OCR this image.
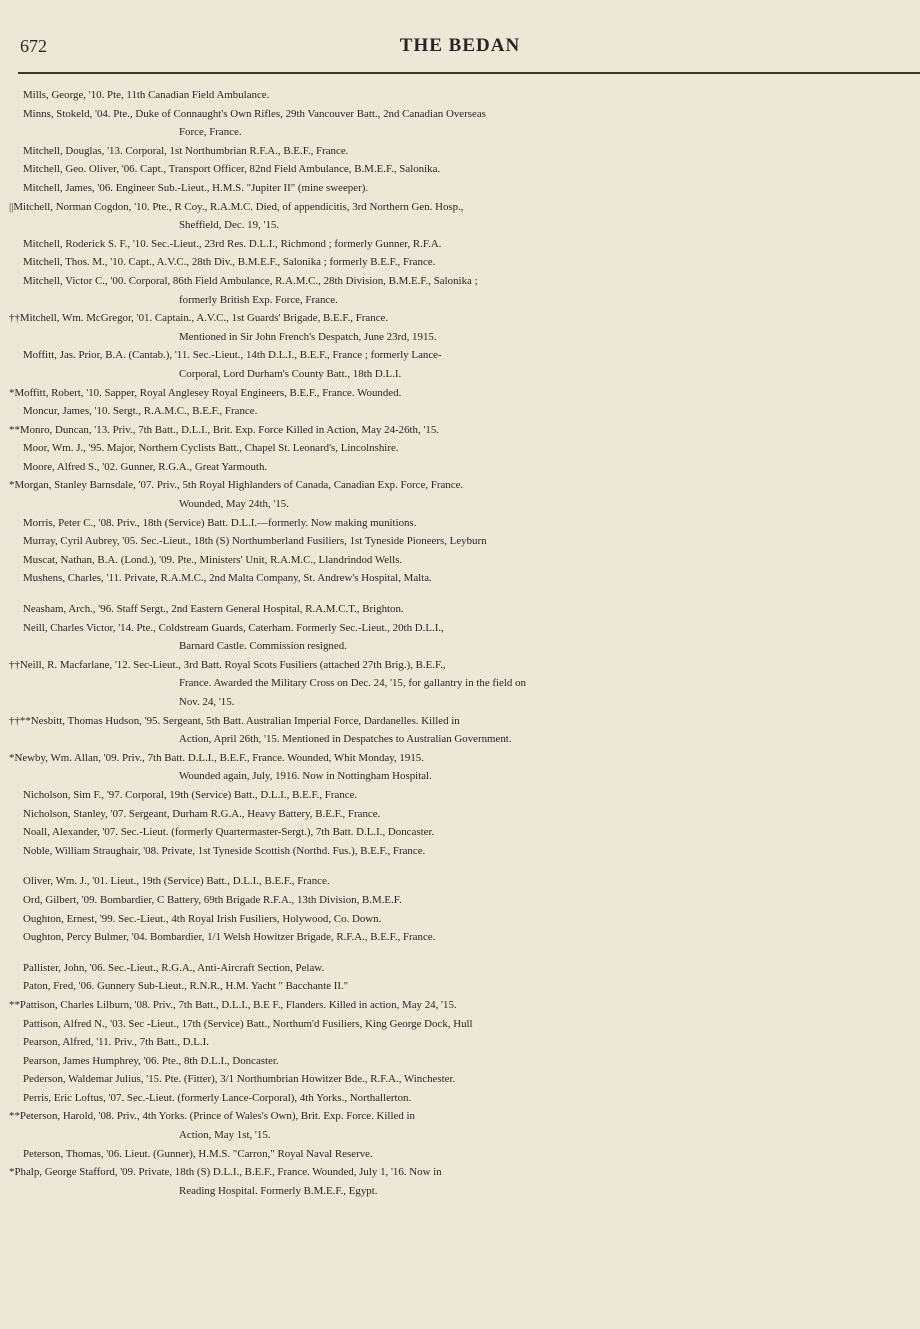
672	THE BEDAN

Mills, George, '10. Pte, 11th Canadian Field Ambulance.

Minns, Stokeld, '04. Pte., Duke of Connaught's Own Rifles, 29th Vancouver Batt., 2nd Canadian Overseas
Force, France.

Mitchell, Douglas, '13. Corporal, 1st Northumbrian R.F.A., B.E.F., France.

Mitchell, Geo. Oliver, '06. Capt., Transport Officer, 82nd Field Ambulance, B.M.E.F., Salonika.

Mitchell, James, '06. Engineer Sub.-Lieut., H.M.S. "Jupiter II" (mine sweeper).

||Mitchell, Norman Cogdon, '10. Pte., R Coy., R.A.M.C. Died, of appendicitis, 3rd Northern Gen. Hosp.,
Sheffield, Dec. 19, '15.

Mitchell, Roderick S. F., '10. Sec.-Lieut., 23rd Res. D.L.I., Richmond ; formerly Gunner, R.F.A.

Mitchell, Thos. M., '10. Capt., A.V.C., 28th Div., B.M.E.F., Salonika ; formerly B.E.F., France.

Mitchell, Victor C., '00. Corporal, 86th Field Ambulance, R.A.M.C., 28th Division, B.M.E.F., Salonika ;
formerly British Exp. Force, France.

††Mitchell, Wm. McGregor, '01. Captain., A.V.C., 1st Guards' Brigade, B.E.F., France.
Mentioned in Sir John French's Despatch, June 23rd, 1915.

Moffitt, Jas. Prior, B.A. (Cantab.), '11. Sec.-Lieut., 14th D.L.I., B.E.F., France ; formerly Lance-
Corporal, Lord Durham's County Batt., 18th D.L.I.

*Moffitt, Robert, '10. Sapper, Royal Anglesey Royal Engineers, B.E.F., France. Wounded.

Moncur, James, '10. Sergt., R.A.M.C., B.E.F., France.

**Monro, Duncan, '13. Priv., 7th Batt., D.L.I., Brit. Exp. Force Killed in Action, May 24-26th, '15.

Moor, Wm. J., '95. Major, Northern Cyclists Batt., Chapel St. Leonard's, Lincolnshire.

Moore, Alfred S., '02. Gunner, R.G.A., Great Yarmouth.

*Morgan, Stanley Barnsdale, '07. Priv., 5th Royal Highlanders of Canada, Canadian Exp. Force, France.
Wounded, May 24th, '15.

Morris, Peter C., '08. Priv., 18th (Service) Batt. D.L.I.—formerly. Now making munitions.

Murray, Cyril Aubrey, '05. Sec.-Lieut., 18th (S) Northumberland Fusiliers, 1st Tyneside Pioneers, Leyburn

Muscat, Nathan, B.A. (Lond.), '09. Pte., Ministers' Unit, R.A.M.C., Llandrindod Wells.

Mushens, Charles, '11. Private, R.A.M.C., 2nd Malta Company, St. Andrew's Hospital, Malta.

Neasham, Arch., '96. Staff Sergt., 2nd Eastern General Hospital, R.A.M.C.T., Brighton.

Neill, Charles Victor, '14. Pte., Coldstream Guards, Caterham. Formerly Sec.-Lieut., 20th D.L.I.,
Barnard Castle. Commission resigned.

††Neill, R. Macfarlane, '12. Sec-Lieut., 3rd Batt. Royal Scots Fusiliers (attached 27th Brig.), B.E.F.,
France. Awarded the Military Cross on Dec. 24, '15, for gallantry in the field on
Nov. 24, '15.

††**Nesbitt, Thomas Hudson, '95. Sergeant, 5th Batt. Australian Imperial Force, Dardanelles. Killed in
Action, April 26th, '15. Mentioned in Despatches to Australian Government.

*Newby, Wm. Allan, '09. Priv., 7th Batt. D.L.I., B.E.F., France. Wounded, Whit Monday, 1915.
Wounded again, July, 1916. Now in Nottingham Hospital.

Nicholson, Sim F., '97. Corporal, 19th (Service) Batt., D.L.I., B.E.F., France.

Nicholson, Stanley, '07. Sergeant, Durham R.G.A., Heavy Battery, B.E.F., France.

Noall, Alexander, '07. Sec.-Lieut. (formerly Quartermaster-Sergt.), 7th Batt. D.L.I., Doncaster.

Noble, William Straughair, '08. Private, 1st Tyneside Scottish (Northd. Fus.), B.E.F., France.

Oliver, Wm. J., '01. Lieut., 19th (Service) Batt., D.L.I., B.E.F., France.

Ord, Gilbert, '09. Bombardier, C Battery, 69th Brigade R.F.A., 13th Division, B.M.E.F.

Oughton, Ernest, '99. Sec.-Lieut., 4th Royal Irish Fusiliers, Holywood, Co. Down.

Oughton, Percy Bulmer, '04. Bombardier, 1/1 Welsh Howitzer Brigade, R.F.A., B.E.F., France.

Pallister, John, '06. Sec.-Lieut., R.G.A., Anti-Aircraft Section, Pelaw.

Paton, Fred, '06. Gunnery Sub-Lieut., R.N.R., H.M. Yacht " Bacchante II."

**Pattison, Charles Lilburn, '08. Priv., 7th Batt., D.L.I., B.E F., Flanders. Killed in action, May 24, '15.

Pattison, Alfred N., '03. Sec -Lieut., 17th (Service) Batt., Northum'd Fusiliers, King George Dock, Hull

Pearson, Alfred, '11. Priv., 7th Batt., D.L.I.

Pearson, James Humphrey, '06. Pte., 8th D.L.I., Doncaster.

Pederson, Waldemar Julius, '15. Pte. (Fitter), 3/1 Northumbrian Howitzer Bde., R.F.A., Winchester.

Perris, Eric Loftus, '07. Sec.-Lieut. (formerly Lance-Corporal), 4th Yorks., Northallerton.

**Peterson, Harold, '08. Priv., 4th Yorks. (Prince of Wales's Own), Brit. Exp. Force. Killed in
Action, May 1st, '15.

Peterson, Thomas, '06. Lieut. (Gunner), H.M.S. "Carron," Royal Naval Reserve.

*Phalp, George Stafford, '09. Private, 18th (S) D.L.I., B.E.F., France. Wounded, July 1, '16. Now in
Reading Hospital. Formerly B.M.E.F., Egypt.
